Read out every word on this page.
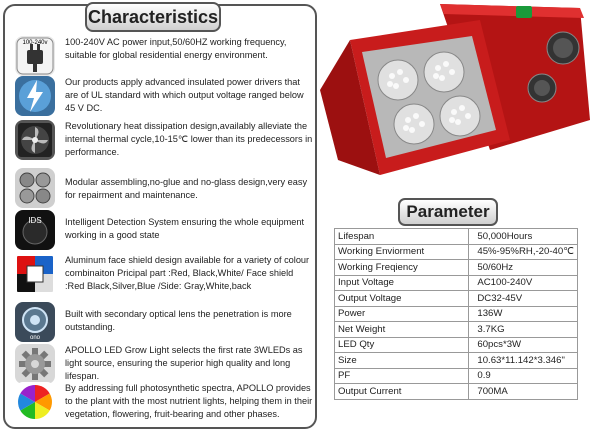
Characteristics
100-240v 100-240V AC power input,50/60HZ working frequency, suitable for global residential energy environment.
Our products apply advanced insulated power drivers that are of UL standard with which output voltage ranged below 45 V DC.
Revolutionary heat dissipation design,availably alleviate the internal thermal cycle,10-15℃ lower than its predecessors in performance.
Modular assembling,no-glue and no-glass design,very easy for repairment and maintenance.
IDS	Intelligent Detection System ensuring the whole equipment working in a good state
Aluminum face shield design available for a variety of colour combinaiton Pricipal part :Red, Black,White/ Face shield :Red Black,Silver,Blue /Side: Gray,White,back
ono
Built with secondary optical lens the penetration is more outstanding.
APOLLO LED Grow Light selects the first rate 3WLEDs as light source, ensuring the superior high quality and long lifespan.
By addressing full photosynthetic spectra, APOLLO provides to the plant with the most nutrient lights, helping them in their vegetation, flowering, fruit-bearing and other phases.
Parameter
Lifespan	50,000Hours
Working Enviorment	45%-95%RH,-20-40℃
Working Freqiency	50/60Hz
Input Voltage	AC100-240V
Output Voltage	DC32-45V
Power	136W
Net Weight	3.7KG
LED Qty	60pcs*3W
Size	10.63*11.142*3.346"
PF	0.9
Output Current	700MA
